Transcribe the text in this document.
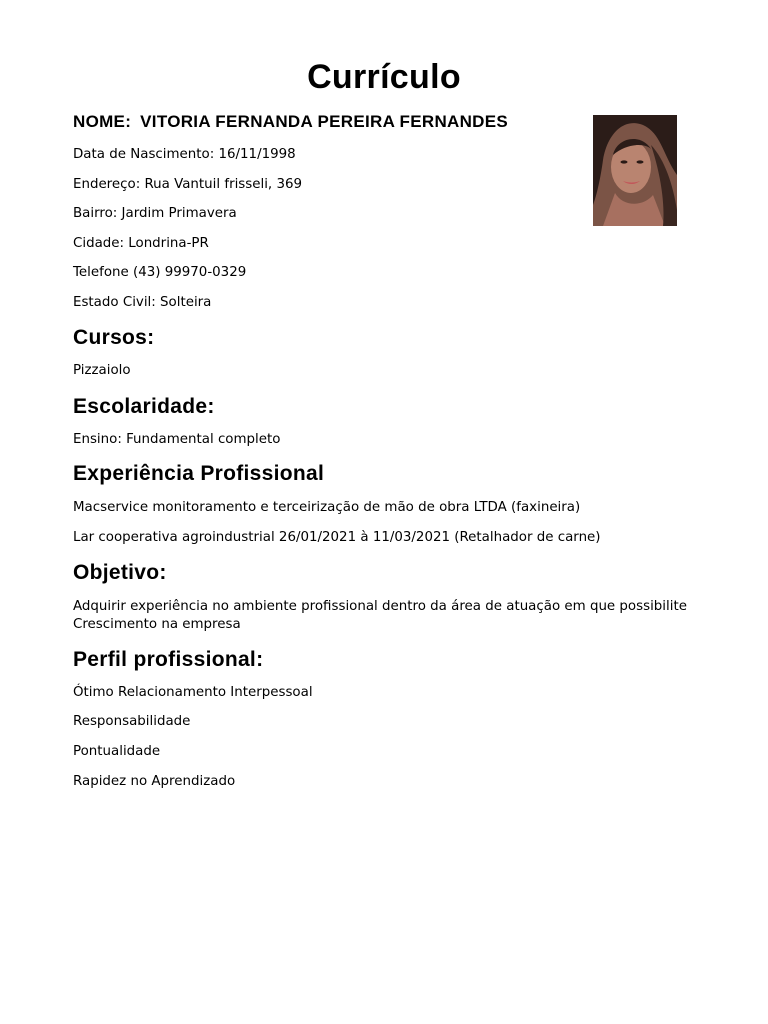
Currículo
NOME: VITORIA FERNANDA PEREIRA FERNANDES
Data de Nascimento: 16/11/1998
Endereço: Rua Vantuil frisseli, 369
Bairro: Jardim Primavera
Cidade: Londrina-PR
Telefone (43) 99970-0329
Estado Civil: Solteira
Cursos:
Pizzaiolo
Escolaridade:
Ensino: Fundamental completo
Experiência Profissional
Macservice monitoramento e terceirização de mão de obra LTDA (faxineira)
Lar cooperativa agroindustrial 26/01/2021 à 11/03/2021 (Retalhador de carne)
Objetivo:
Adquirir experiência no ambiente profissional dentro da área de atuação em que possibilite Crescimento na empresa
Perfil profissional:
Ótimo Relacionamento Interpessoal
Responsabilidade
Pontualidade
Rapidez no Aprendizado
